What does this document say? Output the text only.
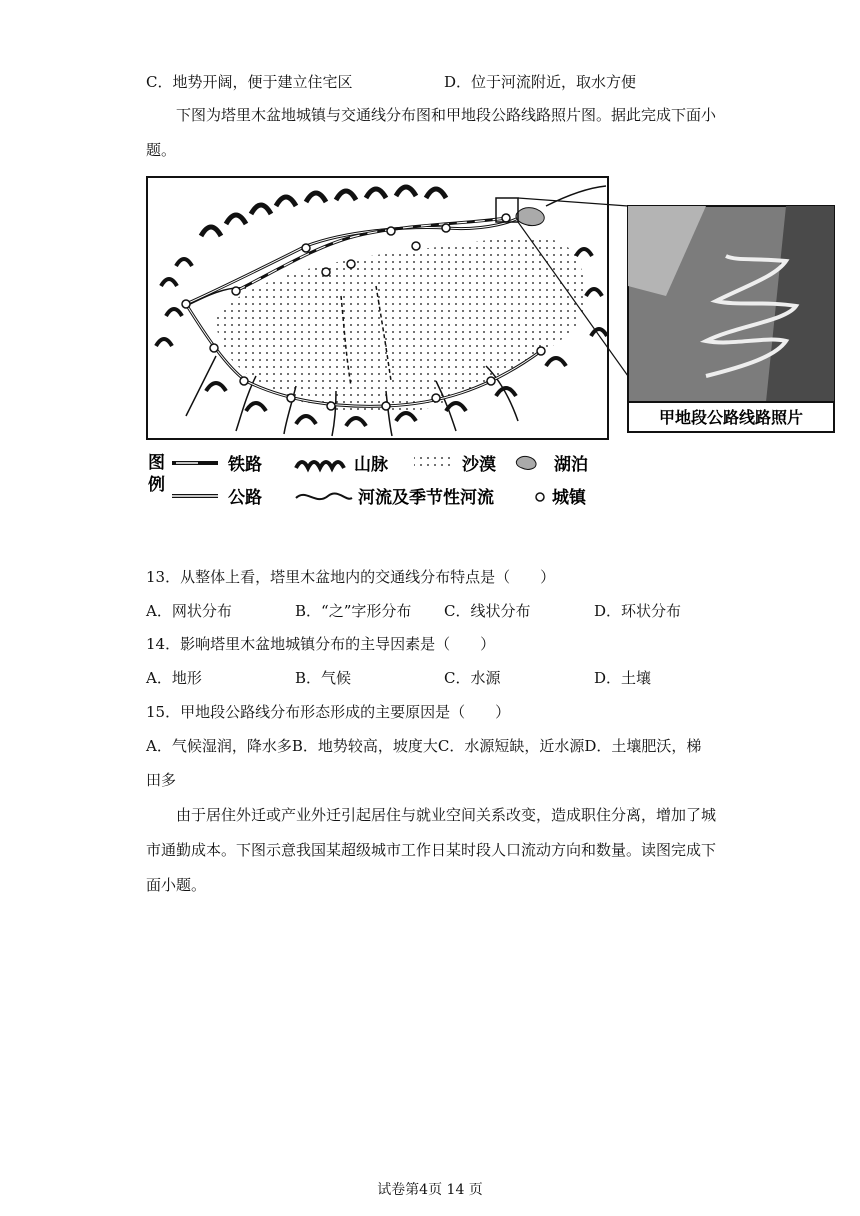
C．地势开阔，便于建立住宅区	D．位于河流附近，取水方便
下图为塔里木盆地城镇与交通线分布图和甲地段公路线路照片图。据此完成下面小题。
甲地段公路线路照片
图
例
铁路	山脉	沙漠	湖泊
公路	河流及季节性河流	城镇
13．从整体上看，塔里木盆地内的交通线分布特点是（　　）
A．网状分布	B．“之”字形分布 C．线状分布	D．环状分布
14．影响塔里木盆地城镇分布的主导因素是（　　）
A．地形	B．气候	C．水源	D．土壤
15．甲地段公路线分布形态形成的主要原因是（　　）
A．气候湿润，降水多B．地势较高，坡度大C．水源短缺，近水源D．土壤肥沃，梯
田多
由于居住外迁或产业外迁引起居住与就业空间关系改变，造成职住分离，增加了城市通勤成本。下图示意我国某超级城市工作日某时段人口流动方向和数量。读图完成下面小题。
试卷第4页 14 页
